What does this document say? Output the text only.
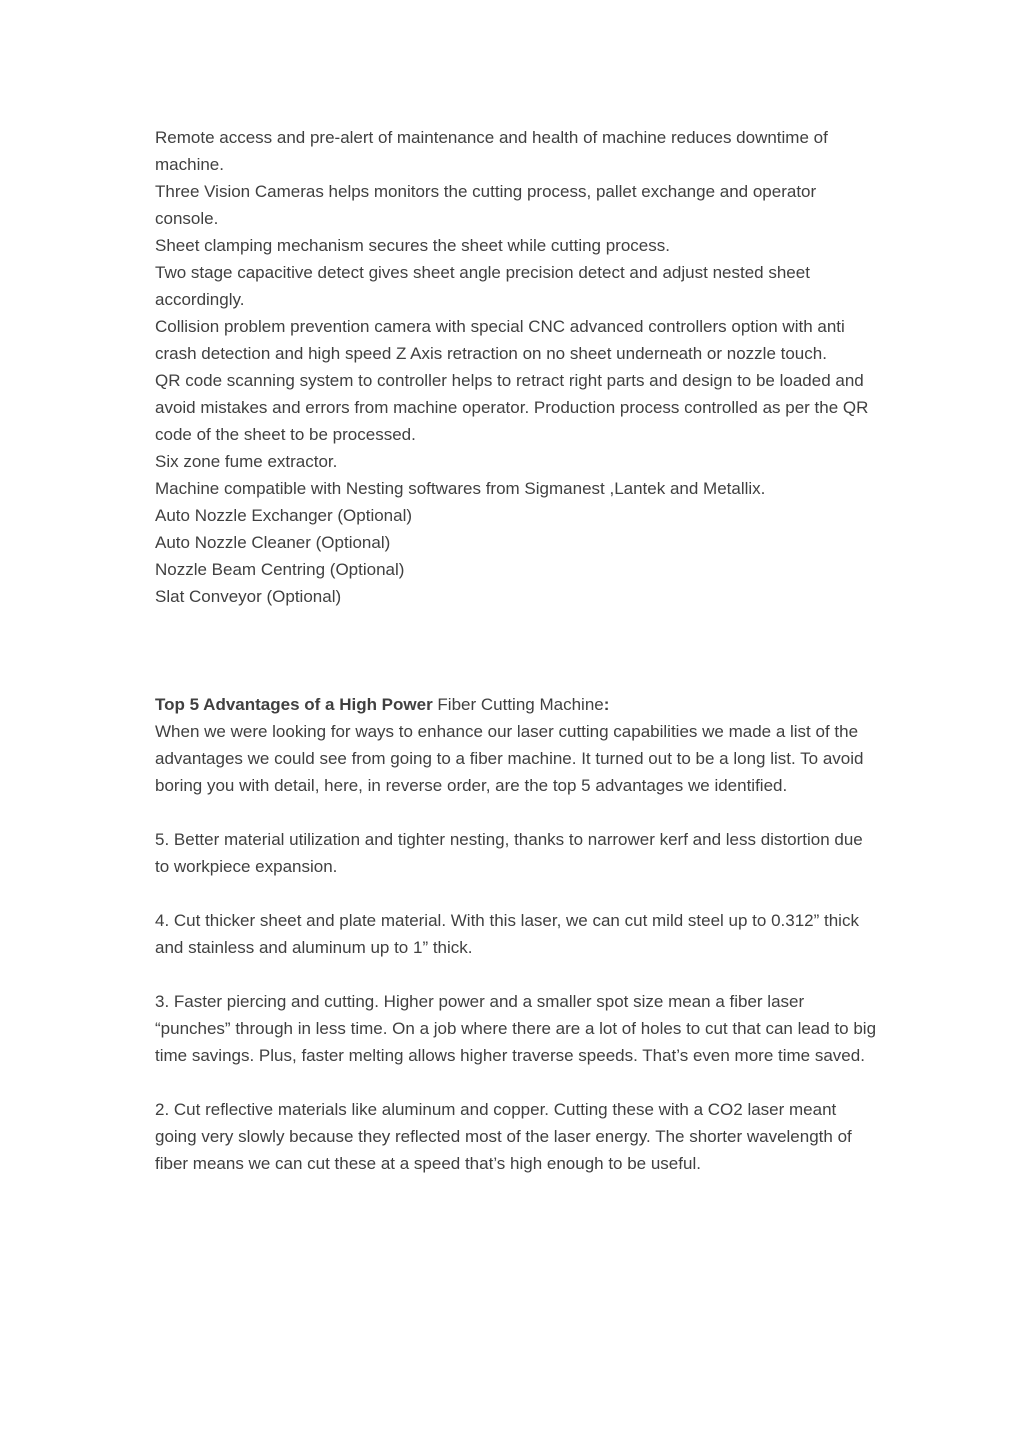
Remote access and pre-alert of maintenance and health of machine reduces downtime of machine.

Three Vision Cameras helps monitors the cutting process, pallet exchange and operator console.

Sheet clamping mechanism secures the sheet while cutting process.

Two stage capacitive detect gives sheet angle precision detect and adjust nested sheet accordingly.

Collision problem prevention camera with special CNC advanced controllers option with anti crash detection and high speed Z Axis retraction on no sheet underneath or nozzle touch.

QR code scanning system to controller helps to retract right parts and design to be loaded and avoid mistakes and errors from machine operator. Production process controlled as per the QR code of the sheet to be processed.

Six zone fume extractor.

Machine compatible with Nesting softwares from Sigmanest ,Lantek and Metallix.

Auto Nozzle Exchanger (Optional)

Auto Nozzle Cleaner (Optional)

Nozzle Beam Centring (Optional)

Slat Conveyor (Optional)

Top 5 Advantages of a High Power Fiber Cutting Machine:

When we were looking for ways to enhance our laser cutting capabilities we made a list of the advantages we could see from going to a fiber machine. It turned out to be a long list. To avoid boring you with detail, here, in reverse order, are the top 5 advantages we identified.

5. Better material utilization and tighter nesting, thanks to narrower kerf and less distortion due to workpiece expansion.

4. Cut thicker sheet and plate material. With this laser, we can cut mild steel up to 0.312” thick and stainless and aluminum up to 1” thick.

3. Faster piercing and cutting. Higher power and a smaller spot size mean a fiber laser “punches” through in less time. On a job where there are a lot of holes to cut that can lead to big time savings. Plus, faster melting allows higher traverse speeds. That’s even more time saved.

2. Cut reflective materials like aluminum and copper. Cutting these with a CO2 laser meant going very slowly because they reflected most of the laser energy. The shorter wavelength of fiber means we can cut these at a speed that’s high enough to be useful.
